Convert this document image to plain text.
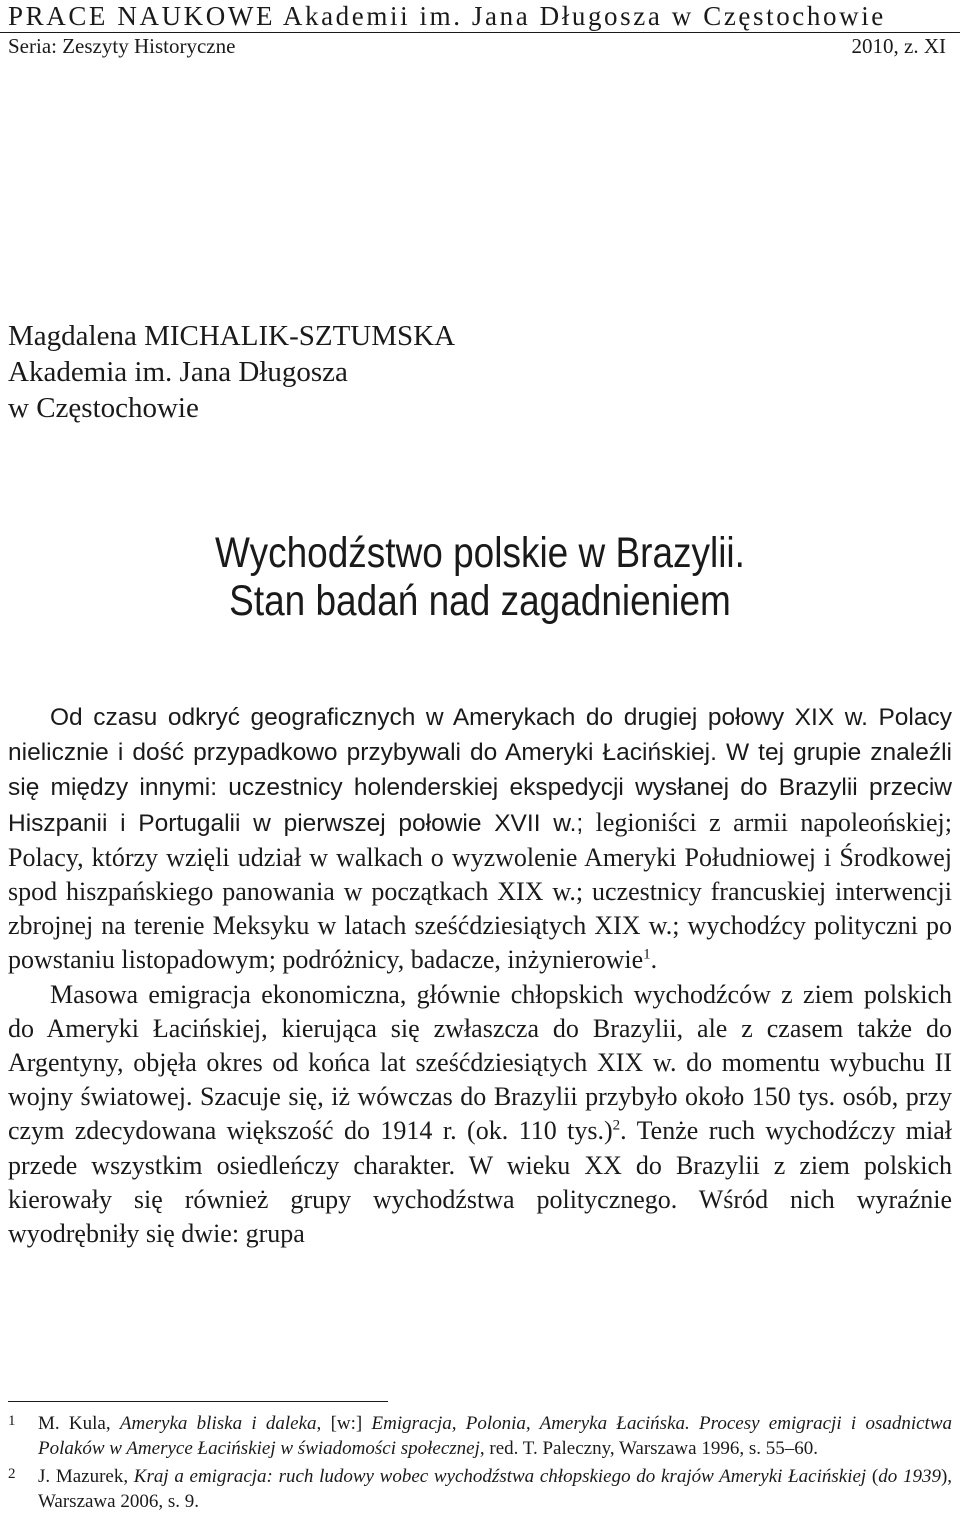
PRACE NAUKOWE Akademii im. Jana Długosza w Częstochowie
Seria: Zeszyty Historyczne	2010, z. XI
Magdalena MICHALIK-SZTUMSKA
Akademia im. Jana Długosza
w Częstochowie
Wychodźstwo polskie w Brazylii.
Stan badań nad zagadnieniem

Od czasu odkryć geograficznych w Amerykach do drugiej połowy XIX w. Polacy nielicznie i dość przypadkowo przybywali do Ameryki Łacińskiej. W tej grupie znaleźli się między innymi: uczestnicy holenderskiej ekspedycji wysłanej do Brazylii przeciw Hiszpanii i Portugalii w pierwszej połowie XVII w.; legioniści z armii napoleońskiej; Polacy, którzy wzięli udział w walkach o wyzwolenie Ameryki Południowej i Środkowej spod hiszpańskiego panowania w początkach XIX w.; uczestnicy francuskiej interwencji zbrojnej na terenie Meksyku w latach sześćdziesiątych XIX w.; wychodźcy polityczni po powstaniu listopadowym; podróżnicy, badacze, inżynierowie$^1$.

Masowa emigracja ekonomiczna, głównie chłopskich wychodźców z ziem polskich do Ameryki Łacińskiej, kierująca się zwłaszcza do Brazylii, ale z czasem także do Argentyny, objęła okres od końca lat sześćdziesiątych XIX w. do momentu wybuchu II wojny światowej. Szacuje się, iż wówczas do Brazylii przybyło około 150 tys. osób, przy czym zdecydowana większość do 1914 r. (ok. 110 tys.)$^2$. Tenże ruch wychodźczy miał przede wszystkim osiedleńczy charakter. W wieku XX do Brazylii z ziem polskich kierowały się również grupy wychodźstwa politycznego. Wśród nich wyraźnie wyodrębniły się dwie: grupa

1 M. Kula, Ameryka bliska i daleka, [w:] Emigracja, Polonia, Ameryka Łacińska. Procesy emigracji i osadnictwa Polaków w Ameryce Łacińskiej w świadomości społecznej, red. T. Paleczny, Warszawa 1996, s. 55–60.
2 J. Mazurek, Kraj a emigracja: ruch ludowy wobec wychodźstwa chłopskiego do krajów Ameryki Łacińskiej (do 1939), Warszawa 2006, s. 9.
